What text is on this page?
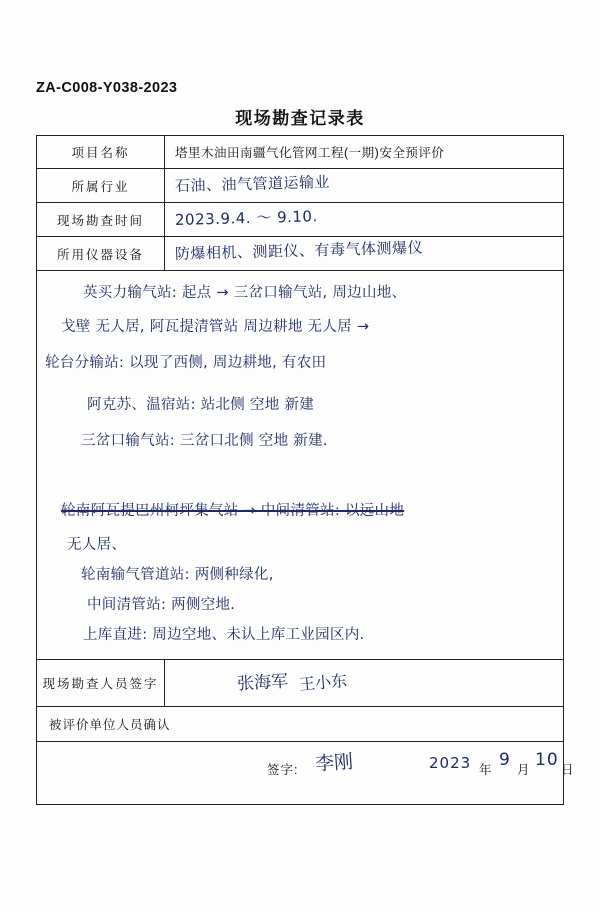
ZA-C008-Y038-2023
现场勘查记录表
项目名称	塔里木油田南疆气化管网工程(一期)安全预评价
所属行业	石油、油气管道运输业
现场勘查时间	2023.9.4. ～ 9.10.
所用仪器设备	防爆相机、测距仪、有毒气体测爆仪
英买力输气站: 起点 → 三岔口输气站, 周边山地、
戈壁 无人居, 阿瓦提清管站 周边耕地 无人居 →
轮台分输站: 以现了西侧, 周边耕地, 有农田
阿克苏、温宿站: 站北侧 空地 新建
三岔口输气站: 三岔口北侧 空地 新建.
轮南阿瓦提巴州柯坪集气站 → 中间清管站: 以远山地
无人居、
轮南输气管道站: 两侧种绿化,
中间清管站: 两侧空地.
上库直进: 周边空地、未认上库工业园区内.
现场勘查人员签字	张海军 王小东
被评价单位人员确认
签字: 李刚	2023 年 9 月 10 日
